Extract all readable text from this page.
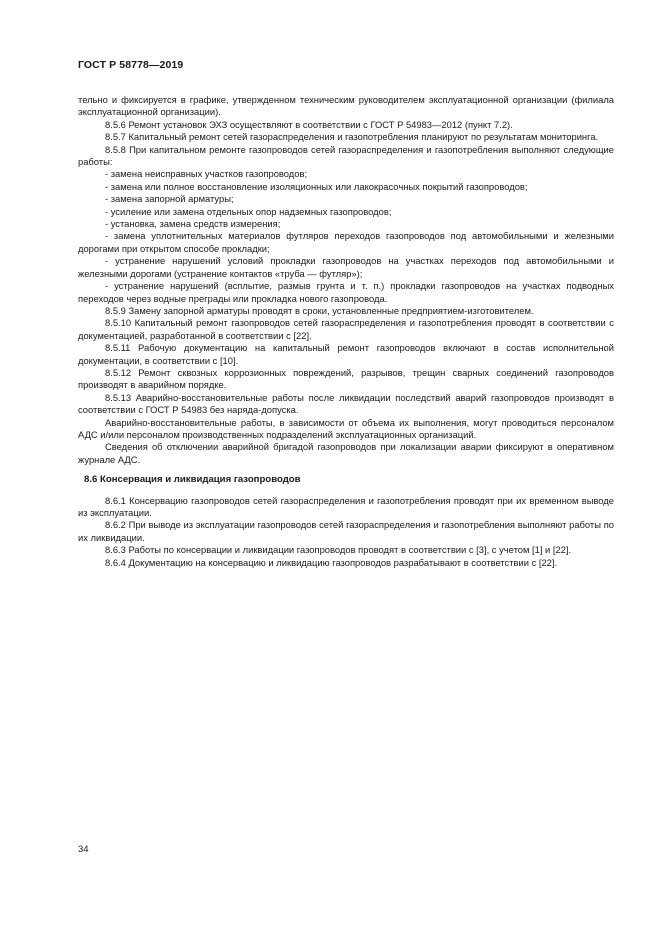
ГОСТ Р 58778—2019

тельно и фиксируется в графике, утвержденном техническим руководителем эксплуатационной организации (филиала эксплуатационной организации).

8.5.6 Ремонт установок ЭХЗ осуществляют в соответствии с ГОСТ Р 54983—2012 (пункт 7.2).

8.5.7 Капитальный ремонт сетей газораспределения и газопотребления планируют по результатам мониторинга.

8.5.8 При капитальном ремонте газопроводов сетей газораспределения и газопотребления выполняют следующие работы:

- замена неисправных участков газопроводов;

- замена или полное восстановление изоляционных или лакокрасочных покрытий газопроводов;

- замена запорной арматуры;

- усиление или замена отдельных опор надземных газопроводов;

- установка, замена средств измерения;

- замена уплотнительных материалов футляров переходов газопроводов под автомобильными и железными дорогами при открытом способе прокладки;

- устранение нарушений условий прокладки газопроводов на участках переходов под автомобильными и железными дорогами (устранение контактов «труба — футляр»);

- устранение нарушений (всплытие, размыв грунта и т. п.) прокладки газопроводов на участках подводных переходов через водные преграды или прокладка нового газопровода.

8.5.9 Замену запорной арматуры проводят в сроки, установленные предприятием-изготовителем.

8.5.10 Капитальный ремонт газопроводов сетей газораспределения и газопотребления проводят в соответствии с документацией, разработанной в соответствии с [22].

8.5.11 Рабочую документацию на капитальный ремонт газопроводов включают в состав исполнительной документации, в соответствии с [10].

8.5.12 Ремонт сквозных коррозионных повреждений, разрывов, трещин сварных соединений газопроводов производят в аварийном порядке.

8.5.13 Аварийно-восстановительные работы после ликвидации последствий аварий газопроводов производят в соответствии с ГОСТ Р 54983 без наряда-допуска.

Аварийно-восстановительные работы, в зависимости от объема их выполнения, могут проводиться персоналом АДС и/или персоналом производственных подразделений эксплуатационных организаций.

Сведения об отключении аварийной бригадой газопроводов при локализации аварии фиксируют в оперативном журнале АДС.

8.6 Консервация и ликвидация газопроводов

8.6.1 Консервацию газопроводов сетей газораспределения и газопотребления проводят при их временном выводе из эксплуатации.

8.6.2 При выводе из эксплуатации газопроводов сетей газораспределения и газопотребления выполняют работы по их ликвидации.

8.6.3 Работы по консервации и ликвидации газопроводов проводят в соответствии с [3], с учетом [1] и [22].

8.6.4 Документацию на консервацию и ликвидацию газопроводов разрабатывают в соответствии с [22].

34
